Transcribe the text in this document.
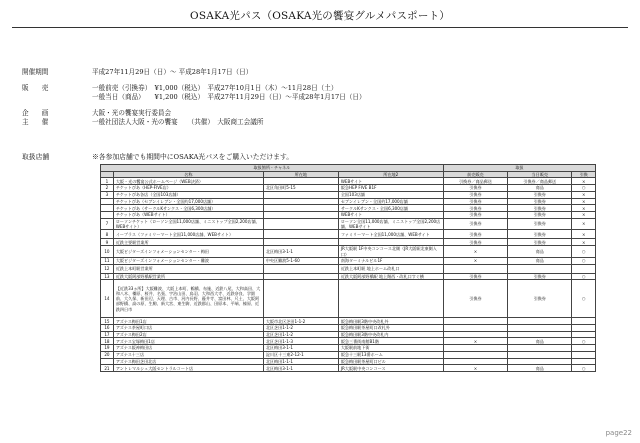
OSAKA光パス（OSAKA光の饗宴グルメパスポート）
開催期間	平成27年11月29日（日）～ 平成28年1月17日（日）
販　　売	一般前売（引換券）　¥1,000（税込）　平成27年10月1日（木）～11月28日（土）
一般当日（商品）　　¥1,200（税込）　平成27年11月29日（日）～平成28年1月17日（日）
企　　画	大阪・光の饗宴実行委員会
主　　催	一般社団法人大阪・光の饗宴　　（共催）　大阪商工会議所
取扱店舗	※各参加店舗でも期間中にOSAKA光パスをご購入いただけます。
取扱箇所・チャネル				取扱		
	名称	所在地	所在地2	前売販売	当日販売	引換
1	大阪・光の饗宴公式ホームページ（WEB決済）		WEBサイト	引換券／商品郵送	引換券／商品郵送	×
2	チケットぴあ（HEP-FIVE店）	北区角田町5-15	阪急HEP FIVE B1F	引換券	商品	○
3	チケットぴあ各店（全国103店舗）		全国103店舗	引換券	引換券	×
	チケットぴあ（セブンイレブン・全国約17,000店舗）		セブンイレブン・全国約17,000店舗	引換券	引換券	×
	チケットぴあ（サークルKサンクス・全国6,300店舗）		サークルKサンクス・全国6,300店舗	引換券	引換券	×
	チケットぴあ（WEBサイト）		WEBサイト	引換券	引換券	×
7	ローソンチケット（ローソン全国11,000店舗、ミニストップ全国2,200店舗、WEBサイト）		ローソン全国11,000店舗、ミニストップ全国2,200店舗、WEBサイト	引換券	引換券	×
8	イープラス（ファミリーマート全国11,000店舗、WEBサイト）		ファミリーマート全国11,000店舗、WEBサイト	引換券	引換券	×
9	近鉄主要駅営業所			引換券	引換券	×
10	大阪ビジターズインフォメーションセンター・梅田	北区梅田3-1-1	JR大阪駅 1F中央コンコース北側（JR大阪駅北東側入口）	×	商品	○
11	大阪ビジターズインフォメーションセンター・難波	中央区難波5-1-60	南海ターミナルビル1F	×	商品	○
12	近鉄上本町駅営業所		近鉄上本町駅 地上ホーム改札口			
13	近鉄大阪阿部野橋駅営業所		近鉄大阪阿部野橋駅 地上階西・改札口すぐ横	引換券	引換券	○
14	【近鉄33ヵ所】大阪難波、大阪上本町、鶴橋、布施、近鉄八尾、大和高田、大和八木、橿原、桜井、名張、宇治山田、鳥羽、大和西大寺、近鉄奈良、学園前、大久保、新田辺、天理、古市、河内長野、藤井寺、富田林、尺土、大阪阿部野橋、高の原、生駒、新大宮、東生駒、近鉄郡山、田原本、平端、榛原、近鉄四日市			引換券	引換券	○
15	アズナス梅田1店	大阪市北区芝田1-1-2	阪急梅田駅3階中央改札外			
16	アズナス茶屋町口店	北区芝田1-1-2	阪急梅田駅茶屋町口改札外			
17	アズナス梅田2店	北区芝田1-1-2	阪急梅田駅3階中央改札内			
18	アズナス宝塚梅田1店	北区芝田1-1-3	阪急三番街南館B1階	×	商品	○
19	アズナス阪神梅田店	北区梅田3-1-1	大阪駅前地下街			
20	アズナス十三店	淀川区十三東2-12-1	阪急十三駅13番ホーム			
	アズナス梅田芝田北店	北区梅田1-1-1	阪急梅田駅茶屋町口ビル			
21	アントレマルシェ大阪セントラルコート店	北区梅田3-1-1	JR大阪駅中央コンコース	×	商品	○
page22
